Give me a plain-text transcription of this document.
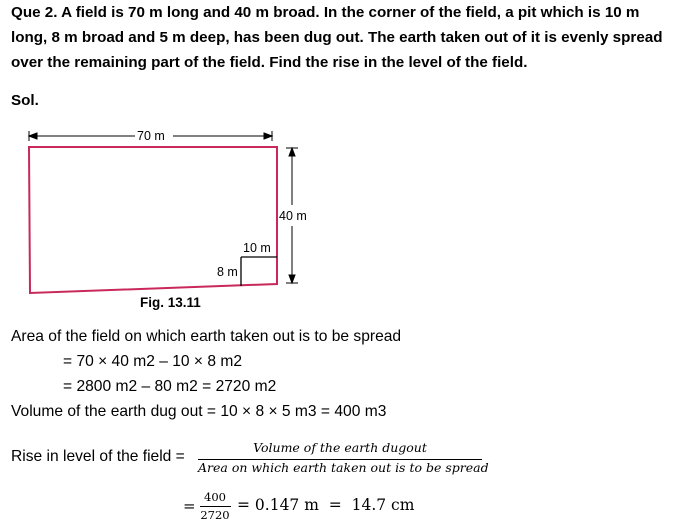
Que 2. A field is 70 m long and 40 m broad. In the corner of the field, a pit which is 10 m
long, 8 m broad and 5 m deep, has been dug out. The earth taken out of it is evenly spread
over the remaining part of the field. Find the rise in the level of the field.
Sol.
70 m
40 m
10 m
8 m
Fig. 13.11
Area of the field on which earth taken out is to be spread
= 70 × 40 m2 – 10 × 8 m2
= 2800 m2 – 80 m2 = 2720 m2
Volume of the earth dug out = 10 × 8 × 5 m3 = 400 m3
Rise in level of the field =
Volume of the earth dugout
Area on which earth taken out is to be spread
= 400
2720
= 0.147 m  =  14.7 cm
